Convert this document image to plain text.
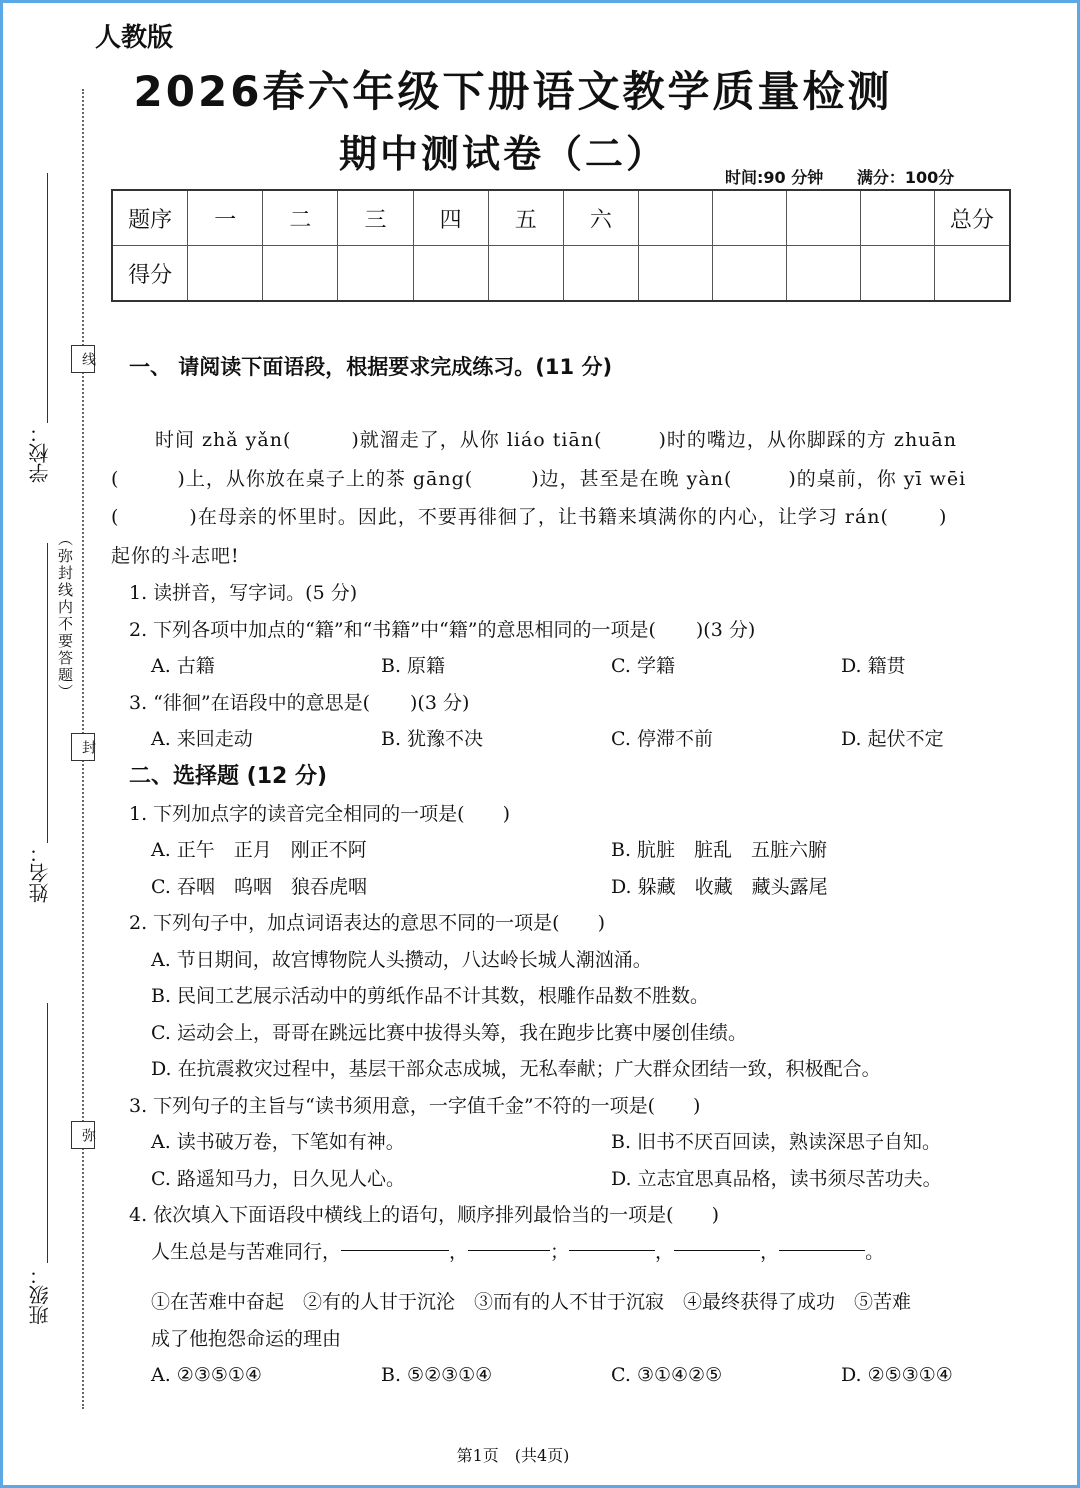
人教版
2026春六年级下册语文教学质量检测
期中测试卷（二）
时间:90 分钟 满分：100分
题序	一	二	三	四	五	六					总分
得分											
线
封
弥
（弥封线内不要答题）
学校：
姓名：
班级：
一、 请阅读下面语段，根据要求完成练习。(11 分)
时间 zhǎ yǎn(	)就溜走了，从你 liáo tiān(	)时的嘴边，从你脚踩的方 zhuān
(	)上，从你放在桌子上的茶 gāng(	)边，甚至是在晚 yàn(	)的桌前，你 yī wēi
(	)在母亲的怀里时。因此，不要再徘徊了，让书籍来填满你的内心，让学习 rán(	)
起你的斗志吧!
1. 读拼音，写字词。(5 分)
2. 下列各项中加点的“籍”和“书籍”中“籍”的意思相同的一项是( )(3 分)
A. 古籍	B. 原籍	C. 学籍	D. 籍贯
3. “徘徊”在语段中的意思是( )(3 分)
A. 来回走动	B. 犹豫不决	C. 停滞不前	D. 起伏不定
二、选择题 (12 分)
1. 下列加点字的读音完全相同的一项是(　　)
A. 正午　正月　刚正不阿	B. 肮脏　脏乱　五脏六腑
C. 吞咽　呜咽　狼吞虎咽	D. 躲藏　收藏　藏头露尾
2. 下列句子中，加点词语表达的意思不同的一项是(　　)
A. 节日期间，故宫博物院人头攒动，八达岭长城人潮汹涌。
B. 民间工艺展示活动中的剪纸作品不计其数，根雕作品数不胜数。
C. 运动会上，哥哥在跳远比赛中拔得头筹，我在跑步比赛中屡创佳绩。
D. 在抗震救灾过程中，基层干部众志成城，无私奉献；广大群众团结一致，积极配合。
3. 下列句子的主旨与“读书须用意，一字值千金”不符的一项是(　　)
A. 读书破万卷，下笔如有神。	B. 旧书不厌百回读，熟读深思子自知。
C. 路遥知马力，日久见人心。	D. 立志宜思真品格，读书须尽苦功夫。
4. 依次填入下面语段中横线上的语句，顺序排列最恰当的一项是(　　)
人生总是与苦难同行，	，	；	，	，	。
①在苦难中奋起　②有的人甘于沉沦　③而有的人不甘于沉寂　④最终获得了成功　⑤苦难
成了他抱怨命运的理由
A. ②③⑤①④	B. ⑤②③①④	C. ③①④②⑤	D. ②⑤③①④
第1页　(共4页)
